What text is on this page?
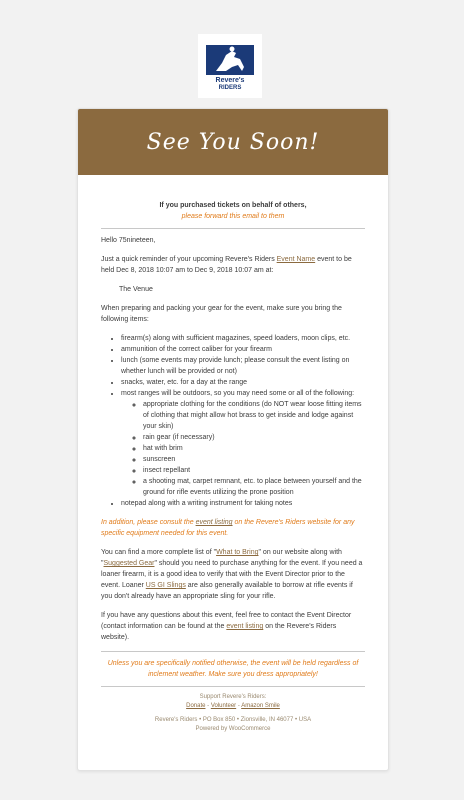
Revere's
RIDERS
See You Soon!
If you purchased tickets on behalf of others,
please forward this email to them

Hello 75nineteen,

Just a quick reminder of your upcoming Revere's Riders Event Name event to be held Dec 8, 2018 10:07 am to Dec 9, 2018 10:07 am at:

The Venue

When preparing and packing your gear for the event, make sure you bring the following items:

• firearm(s) along with sufficient magazines, speed loaders, moon clips, etc.
• ammunition of the correct caliber for your firearm
• lunch (some events may provide lunch; please consult the event listing on whether lunch will be provided or not)
• snacks, water, etc. for a day at the range
• most ranges will be outdoors, so you may need some or all of the following:
◦ appropriate clothing for the conditions (do NOT wear loose fitting items of clothing that might allow hot brass to get inside and lodge against your skin)
◦ rain gear (if necessary)
◦ hat with brim
◦ sunscreen
◦ insect repellant
◦ a shooting mat, carpet remnant, etc. to place between yourself and the ground for rifle events utilizing the prone position
• notepad along with a writing instrument for taking notes

In addition, please consult the event listing on the Revere's Riders website for any specific equipment needed for this event.

You can find a more complete list of "What to Bring" on our website along with "Suggested Gear" should you need to purchase anything for the event. If you need a loaner firearm, it is a good idea to verify that with the Event Director prior to the event. Loaner US GI Slings are also generally available to borrow at rifle events if you don't already have an appropriate sling for your rifle.

If you have any questions about this event, feel free to contact the Event Director (contact information can be found at the event listing on the Revere's Riders website).

Unless you are specifically notified otherwise, the event will be held regardless of inclement weather. Make sure you dress appropriately!

Support Revere's Riders:
Donate - Volunteer - Amazon Smile
Revere's Riders • PO Box 850 • Zionsville, IN 46077 • USA
Powered by WooCommerce
